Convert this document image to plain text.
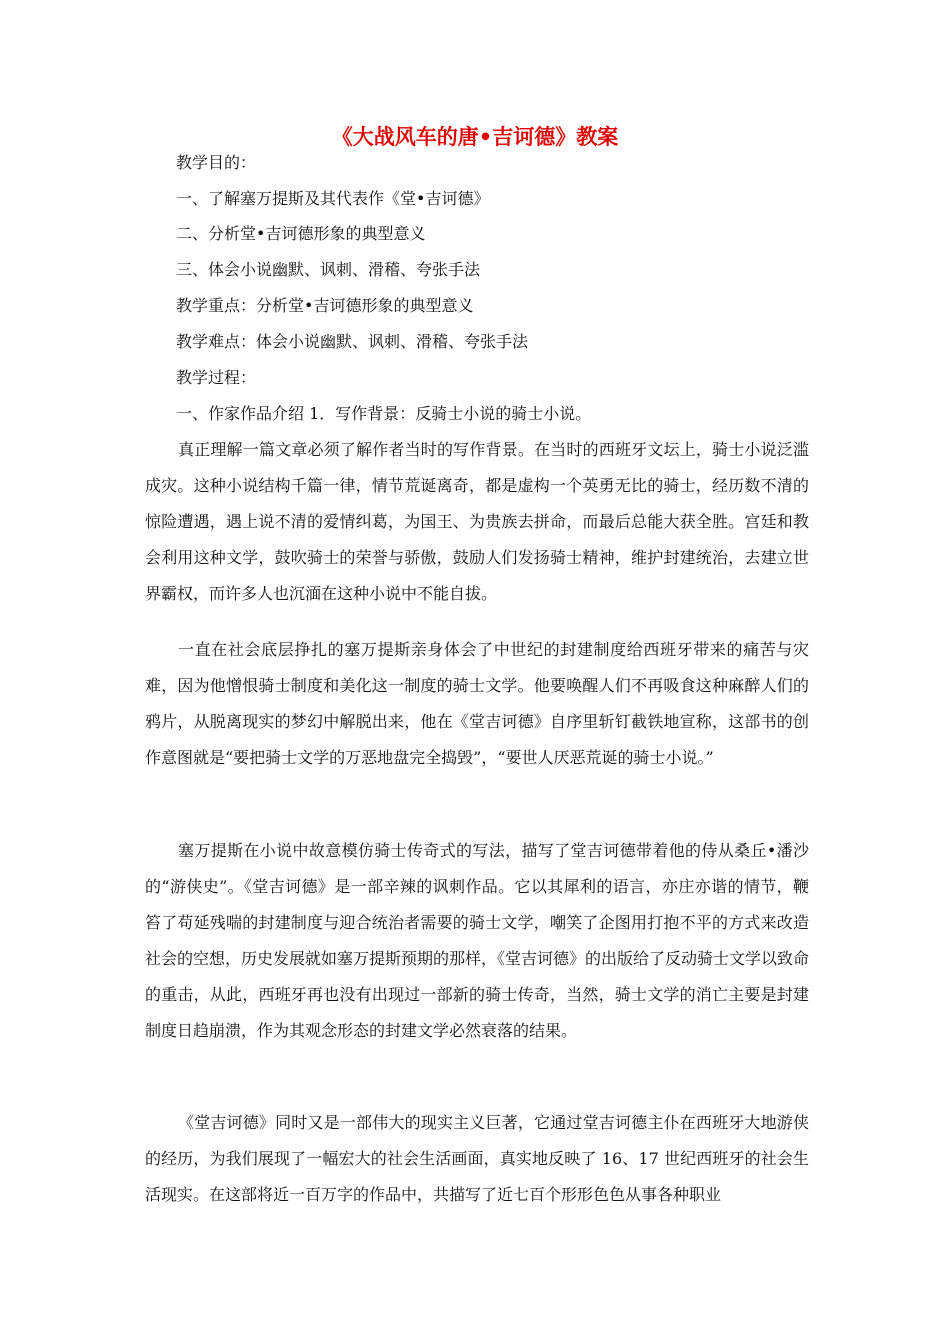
《大战风车的唐•吉诃德》教案

教学目的：

一、了解塞万提斯及其代表作《堂•吉诃德》

二、分析堂•吉诃德形象的典型意义

三、体会小说幽默、讽刺、滑稽、夸张手法

教学重点：分析堂•吉诃德形象的典型意义

教学难点：体会小说幽默、讽刺、滑稽、夸张手法

教学过程：

一、作家作品介绍 1．写作背景：反骑士小说的骑士小说。

真正理解一篇文章必须了解作者当时的写作背景。在当时的西班牙文坛上，骑士小说泛滥成灾。这种小说结构千篇一律，情节荒诞离奇，都是虚构一个英勇无比的骑士，经历数不清的惊险遭遇，遇上说不清的爱情纠葛，为国王、为贵族去拼命，而最后总能大获全胜。宫廷和教会利用这种文学，鼓吹骑士的荣誉与骄傲，鼓励人们发扬骑士精神，维护封建统治，去建立世界霸权，而许多人也沉湎在这种小说中不能自拔。

一直在社会底层挣扎的塞万提斯亲身体会了中世纪的封建制度给西班牙带来的痛苦与灾难，因为他憎恨骑士制度和美化这一制度的骑士文学。他要唤醒人们不再吸食这种麻醉人们的鸦片，从脱离现实的梦幻中解脱出来，他在《堂吉诃德》自序里斩钉截铁地宣称，这部书的创作意图就是“要把骑士文学的万恶地盘完全捣毁”，“要世人厌恶荒诞的骑士小说。”

塞万提斯在小说中故意模仿骑士传奇式的写法，描写了堂吉诃德带着他的侍从桑丘•潘沙的“游侠史”。《堂吉诃德》是一部辛辣的讽刺作品。它以其犀利的语言，亦庄亦谐的情节，鞭笞了苟延残喘的封建制度与迎合统治者需要的骑士文学，嘲笑了企图用打抱不平的方式来改造社会的空想，历史发展就如塞万提斯预期的那样，《堂吉诃德》的出版给了反动骑士文学以致命的重击，从此，西班牙再也没有出现过一部新的骑士传奇，当然，骑士文学的消亡主要是封建制度日趋崩溃，作为其观念形态的封建文学必然衰落的结果。

《堂吉诃德》同时又是一部伟大的现实主义巨著，它通过堂吉诃德主仆在西班牙大地游侠的经历，为我们展现了一幅宏大的社会生活画面，真实地反映了 16、17 世纪西班牙的社会生活现实。在这部将近一百万字的作品中，共描写了近七百个形形色色从事各种职业
